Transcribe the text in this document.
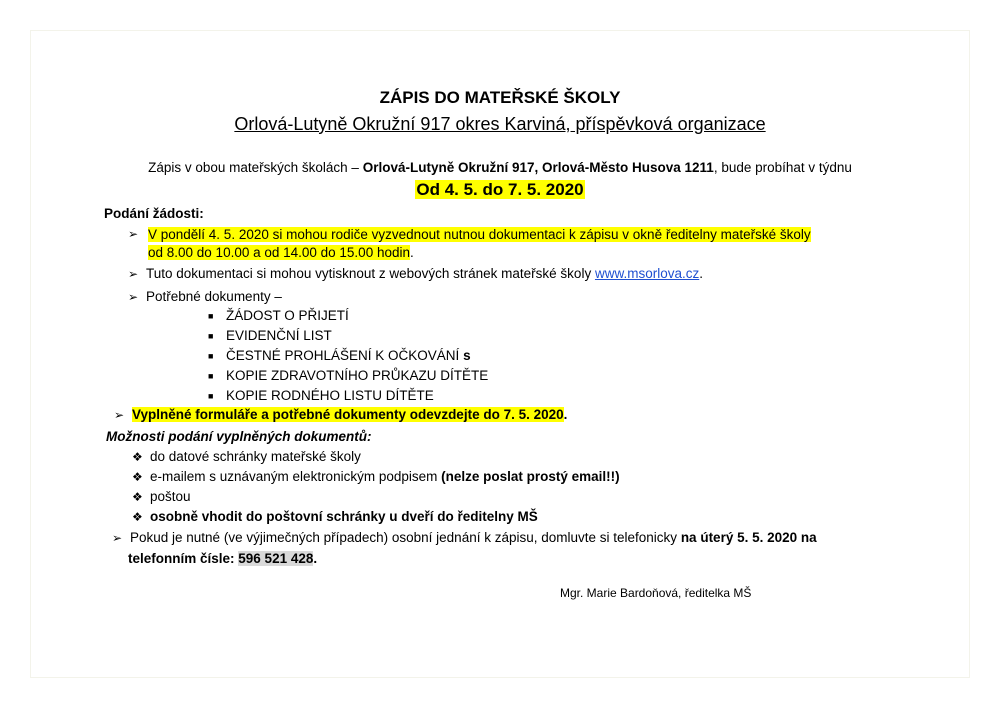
ZÁPIS DO MATEŘSKÉ ŠKOLY
Orlová-Lutyně Okružní 917 okres Karviná, příspěvková organizace
Zápis v obou mateřských školách – Orlová-Lutyně Okružní 917, Orlová-Město Husova 1211, bude probíhat v týdnu
Od 4. 5. do 7. 5. 2020
Podání žádosti:
➢ V pondělí 4. 5. 2020 si mohou rodiče vyzvednout nutnou dokumentaci k zápisu v okně ředitelny mateřské školy
od 8.00 do 10.00 a od 14.00 do 15.00 hodin.
➢ Tuto dokumentaci si mohou vytisknout z webových stránek mateřské školy www.msorlova.cz.
➢ Potřebné dokumenty –
■ ŽÁDOST O PŘIJETÍ
■ EVIDENČNÍ LIST
■ ČESTNÉ PROHLÁŠENÍ K OČKOVÁNÍ s
■ KOPIE ZDRAVOTNÍHO PRŮKAZU DÍTĚTE
■ KOPIE RODNÉHO LISTU DÍTĚTE
➢ Vyplněné formuláře a potřebné dokumenty odevzdejte do 7. 5. 2020.
Možnosti podání vyplněných dokumentů:
❖ do datové schránky mateřské školy
❖ e-mailem s uznávaným elektronickým podpisem (nelze poslat prostý email!!)
❖ poštou
❖ osobně vhodit do poštovní schránky u dveří do ředitelny MŠ
➢ Pokud je nutné (ve výjimečných případech) osobní jednání k zápisu, domluvte si telefonicky na úterý 5. 5. 2020 na
telefonním čísle: 596 521 428.
Mgr. Marie Bardoňová, ředitelka MŠ
